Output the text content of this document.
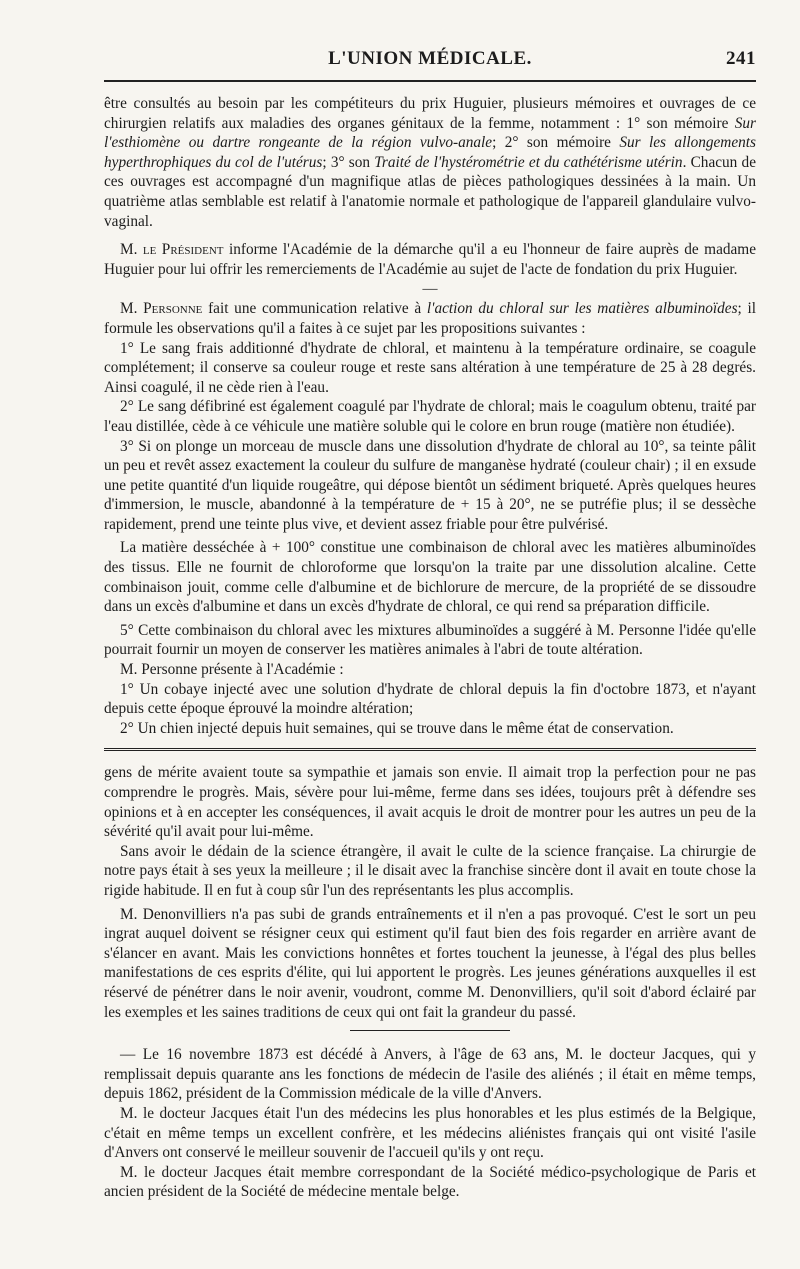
L'UNION MÉDICALE.	241

être consultés au besoin par les compétiteurs du prix Huguier, plusieurs mémoires et ouvrages de ce chirurgien relatifs aux maladies des organes génitaux de la femme, notamment : 1° son mémoire Sur l'esthiomène ou dartre rongeante de la région vulvo-anale; 2° son mémoire Sur les allongements hyperthrophiques du col de l'utérus; 3° son Traité de l'hystérométrie et du cathétérisme utérin. Chacun de ces ouvrages est accompagné d'un magnifique atlas de pièces pathologiques dessinées à la main. Un quatrième atlas semblable est relatif à l'anatomie normale et pathologique de l'appareil glandulaire vulvo-vaginal.

M. le Président informe l'Académie de la démarche qu'il a eu l'honneur de faire auprès de madame Huguier pour lui offrir les remerciements de l'Académie au sujet de l'acte de fondation du prix Huguier.

—

M. Personne fait une communication relative à l'action du chloral sur les matières albuminoïdes; il formule les observations qu'il a faites à ce sujet par les propositions suivantes :

1° Le sang frais additionné d'hydrate de chloral, et maintenu à la température ordinaire, se coagule complétement; il conserve sa couleur rouge et reste sans altération à une température de 25 à 28 degrés. Ainsi coagulé, il ne cède rien à l'eau.

2° Le sang défibriné est également coagulé par l'hydrate de chloral; mais le coagulum obtenu, traité par l'eau distillée, cède à ce véhicule une matière soluble qui le colore en brun rouge (matière non étudiée).

3° Si on plonge un morceau de muscle dans une dissolution d'hydrate de chloral au 10°, sa teinte pâlit un peu et revêt assez exactement la couleur du sulfure de manganèse hydraté (couleur chair) ; il en exsude une petite quantité d'un liquide rougeâtre, qui dépose bientôt un sédiment briqueté. Après quelques heures d'immersion, le muscle, abandonné à la température de + 15 à 20°, ne se putréfie plus; il se dessèche rapidement, prend une teinte plus vive, et devient assez friable pour être pulvérisé.

La matière desséchée à + 100° constitue une combinaison de chloral avec les matières albuminoïdes des tissus. Elle ne fournit de chloroforme que lorsqu'on la traite par une dissolution alcaline. Cette combinaison jouit, comme celle d'albumine et de bichlorure de mercure, de la propriété de se dissoudre dans un excès d'albumine et dans un excès d'hydrate de chloral, ce qui rend sa préparation difficile.

5° Cette combinaison du chloral avec les mixtures albuminoïdes a suggéré à M. Personne l'idée qu'elle pourrait fournir un moyen de conserver les matières animales à l'abri de toute altération.

M. Personne présente à l'Académie :

1° Un cobaye injecté avec une solution d'hydrate de chloral depuis la fin d'octobre 1873, et n'ayant depuis cette époque éprouvé la moindre altération;

2° Un chien injecté depuis huit semaines, qui se trouve dans le même état de conservation.

gens de mérite avaient toute sa sympathie et jamais son envie. Il aimait trop la perfection pour ne pas comprendre le progrès. Mais, sévère pour lui-même, ferme dans ses idées, toujours prêt à défendre ses opinions et à en accepter les conséquences, il avait acquis le droit de montrer pour les autres un peu de la sévérité qu'il avait pour lui-même.

Sans avoir le dédain de la science étrangère, il avait le culte de la science française. La chirurgie de notre pays était à ses yeux la meilleure ; il le disait avec la franchise sincère dont il avait en toute chose la rigide habitude. Il en fut à coup sûr l'un des représentants les plus accomplis.

M. Denonvilliers n'a pas subi de grands entraînements et il n'en a pas provoqué. C'est le sort un peu ingrat auquel doivent se résigner ceux qui estiment qu'il faut bien des fois regarder en arrière avant de s'élancer en avant. Mais les convictions honnêtes et fortes touchent la jeunesse, à l'égal des plus belles manifestations de ces esprits d'élite, qui lui apportent le progrès. Les jeunes générations auxquelles il est réservé de pénétrer dans le noir avenir, voudront, comme M. Denonvilliers, qu'il soit d'abord éclairé par les exemples et les saines traditions de ceux qui ont fait la grandeur du passé.

— Le 16 novembre 1873 est décédé à Anvers, à l'âge de 63 ans, M. le docteur Jacques, qui y remplissait depuis quarante ans les fonctions de médecin de l'asile des aliénés ; il était en même temps, depuis 1862, président de la Commission médicale de la ville d'Anvers.

M. le docteur Jacques était l'un des médecins les plus honorables et les plus estimés de la Belgique, c'était en même temps un excellent confrère, et les médecins aliénistes français qui ont visité l'asile d'Anvers ont conservé le meilleur souvenir de l'accueil qu'ils y ont reçu.

M. le docteur Jacques était membre correspondant de la Société médico-psychologique de Paris et ancien président de la Société de médecine mentale belge.
